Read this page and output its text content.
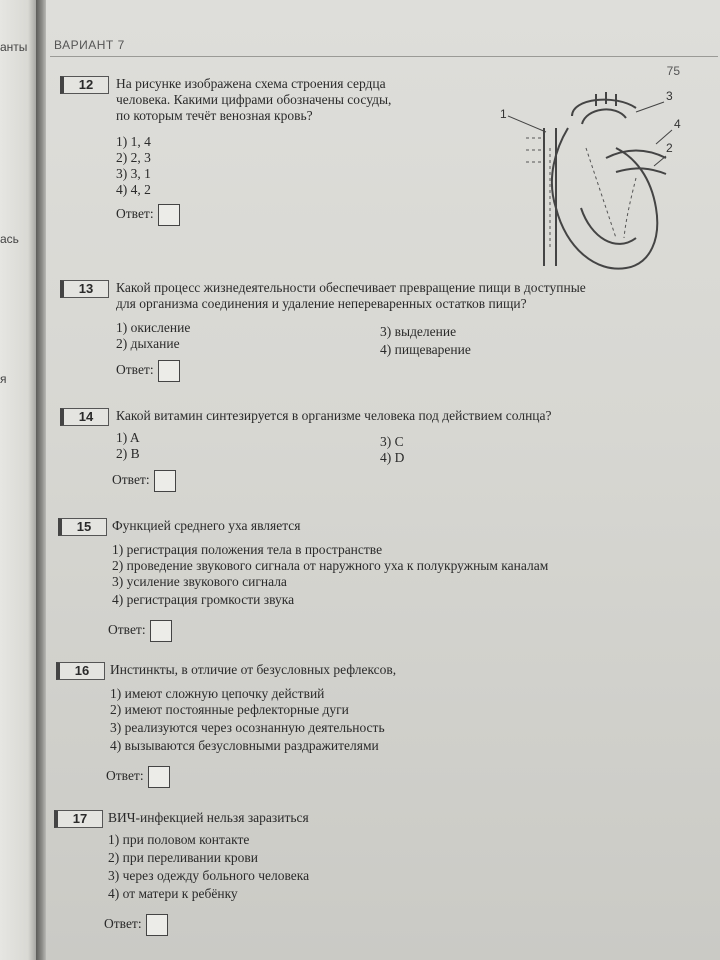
анты
ась
я
ВАРИАНТ 7
75
12	На рисунке изображена схема строения сердца
человека. Какими цифрами обозначены сосуды,
по которым течёт венозная кровь?
1) 1, 4
2) 2, 3
3) 3, 1
4) 4, 2
Ответ:
1
2
3
4
13	Какой процесс жизнедеятельности обеспечивает превращение пищи в доступные
для организма соединения и удаление непереваренных остатков пищи?
1) окисление
2) дыхание
3) выделение
4) пищеварение
Ответ:
14	Какой витамин синтезируется в организме человека под действием солнца?
1) A
2) B
3) C
4) D
Ответ:
15	Функцией среднего уха является
1) регистрация положения тела в пространстве
2) проведение звукового сигнала от наружного уха к полукружным каналам
3) усиление звукового сигнала
4) регистрация громкости звука
Ответ:
16	Инстинкты, в отличие от безусловных рефлексов,
1) имеют сложную цепочку действий
2) имеют постоянные рефлекторные дуги
3) реализуются через осознанную деятельность
4) вызываются безусловными раздражителями
Ответ:
17	ВИЧ-инфекцией нельзя заразиться
1) при половом контакте
2) при переливании крови
3) через одежду больного человека
4) от матери к ребёнку
Ответ:
